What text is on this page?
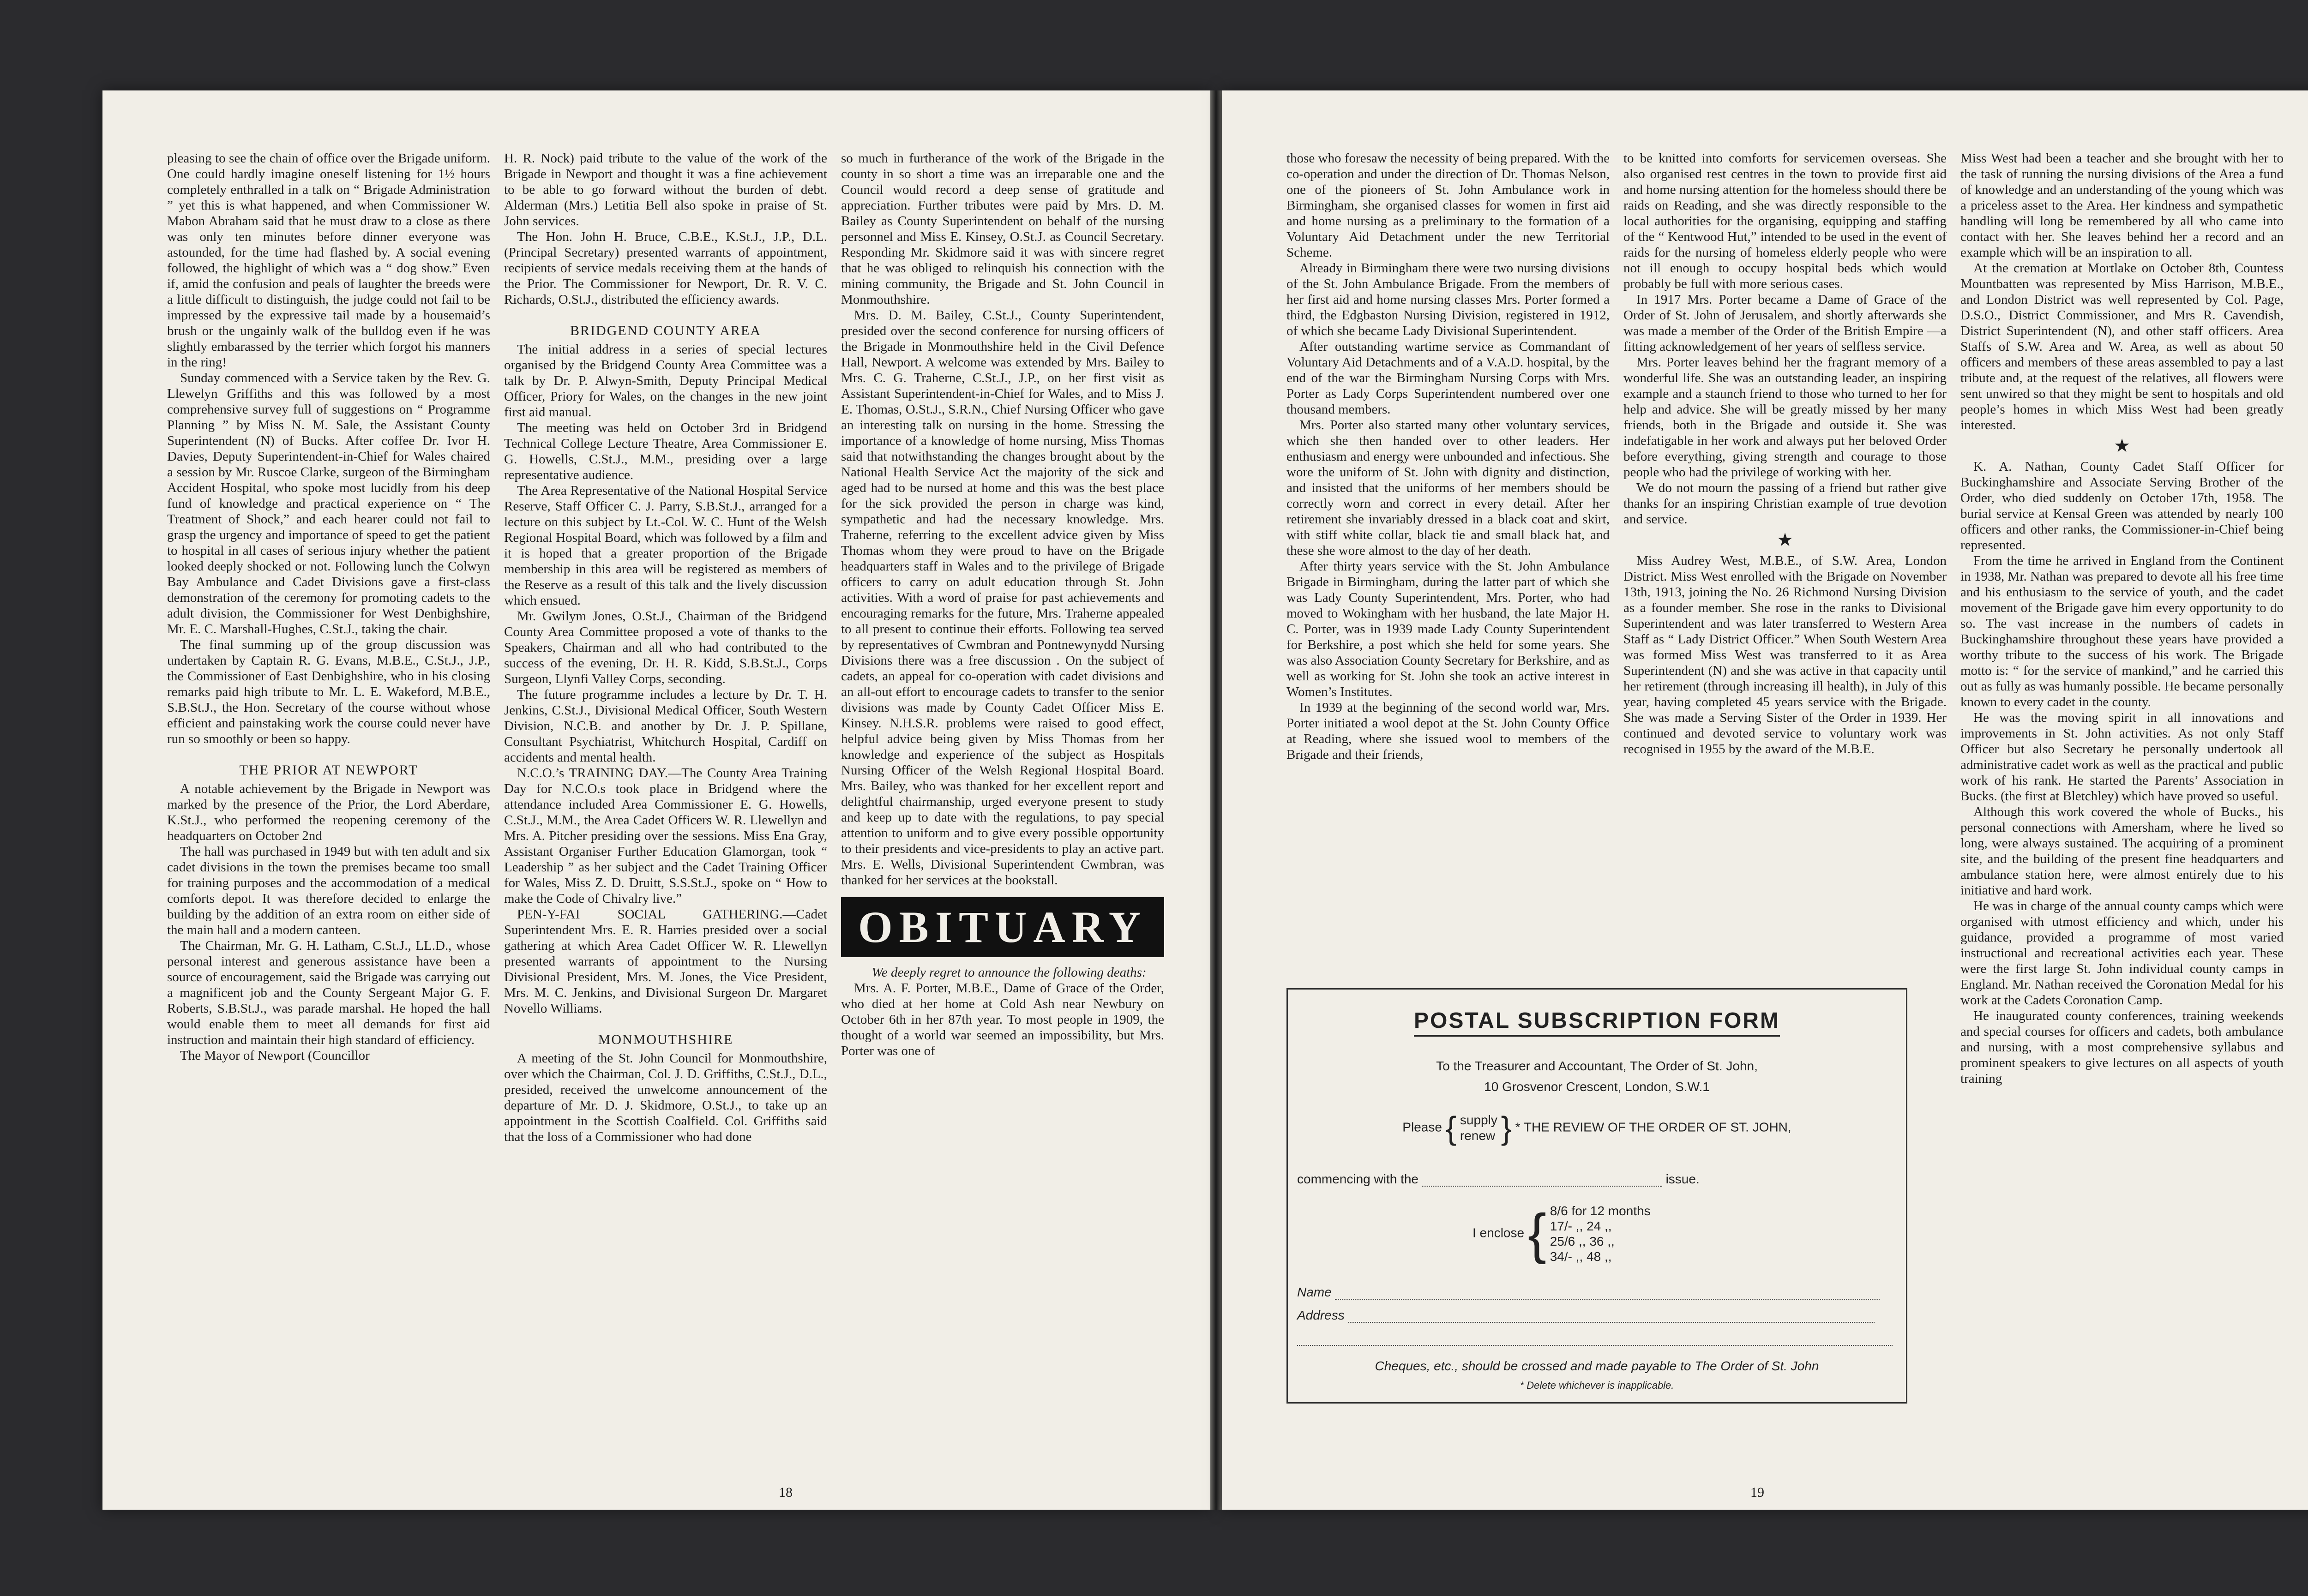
pleasing to see the chain of office over the Brigade uniform. One could hardly imagine oneself listening for 1½ hours completely enthralled in a talk on “ Brigade Administration ” yet this is what happened, and when Commissioner W. Mabon Abraham said that he must draw to a close as there was only ten minutes before dinner everyone was astounded, for the time had flashed by. A social evening followed, the highlight of which was a “ dog show.” Even if, amid the confusion and peals of laughter the breeds were a little difficult to distinguish, the judge could not fail to be impressed by the expressive tail made by a housemaid’s brush or the ungainly walk of the bulldog even if he was slightly embarassed by the terrier which forgot his manners in the ring!

Sunday commenced with a Service taken by the Rev. G. Llewelyn Griffiths and this was followed by a most comprehensive survey full of suggestions on “ Programme Planning ” by Miss N. M. Sale, the Assistant County Superintendent (N) of Bucks. After coffee Dr. Ivor H. Davies, Deputy Superintendent-in-Chief for Wales chaired a session by Mr. Ruscoe Clarke, surgeon of the Birmingham Accident Hospital, who spoke most lucidly from his deep fund of knowledge and practical experience on “ The Treatment of Shock,” and each hearer could not fail to grasp the urgency and importance of speed to get the patient to hospital in all cases of serious injury whether the patient looked deeply shocked or not. Following lunch the Colwyn Bay Ambulance and Cadet Divisions gave a first-class demonstration of the ceremony for promoting cadets to the adult division, the Commissioner for West Denbighshire, Mr. E. C. Marshall-Hughes, C.St.J., taking the chair.

The final summing up of the group discussion was undertaken by Captain R. G. Evans, M.B.E., C.St.J., J.P., the Commissioner of East Denbighshire, who in his closing remarks paid high tribute to Mr. L. E. Wakeford, M.B.E., S.B.St.J., the Hon. Secretary of the course without whose efficient and painstaking work the course could never have run so smoothly or been so happy.

THE PRIOR AT NEWPORT

A notable achievement by the Brigade in Newport was marked by the presence of the Prior, the Lord Aberdare, K.St.J., who performed the reopening ceremony of the headquarters on October 2nd

The hall was purchased in 1949 but with ten adult and six cadet divisions in the town the premises became too small for training purposes and the accommodation of a medical comforts depot. It was therefore decided to enlarge the building by the addition of an extra room on either side of the main hall and a modern canteen.

The Chairman, Mr. G. H. Latham, C.St.J., LL.D., whose personal interest and generous assistance have been a source of encouragement, said the Brigade was carrying out a magnificent job and the County Sergeant Major G. F. Roberts, S.B.St.J., was parade marshal. He hoped the hall would enable them to meet all demands for first aid instruction and maintain their high standard of efficiency.

The Mayor of Newport (Councillor

H. R. Nock) paid tribute to the value of the work of the Brigade in Newport and thought it was a fine achievement to be able to go forward without the burden of debt. Alderman (Mrs.) Letitia Bell also spoke in praise of St. John services.

The Hon. John H. Bruce, C.B.E., K.St.J., J.P., D.L. (Principal Secretary) presented warrants of appointment, recipients of service medals receiving them at the hands of the Prior. The Commissioner for Newport, Dr. R. V. C. Richards, O.St.J., distributed the efficiency awards.

BRIDGEND COUNTY AREA

The initial address in a series of special lectures organised by the Bridgend County Area Committee was a talk by Dr. P. Alwyn-Smith, Deputy Principal Medical Officer, Priory for Wales, on the changes in the new joint first aid manual.

The meeting was held on October 3rd in Bridgend Technical College Lecture Theatre, Area Commissioner E. G. Howells, C.St.J., M.M., presiding over a large representative audience.

The Area Representative of the National Hospital Service Reserve, Staff Officer C. J. Parry, S.B.St.J., arranged for a lecture on this subject by Lt.-Col. W. C. Hunt of the Welsh Regional Hospital Board, which was followed by a film and it is hoped that a greater proportion of the Brigade membership in this area will be registered as members of the Reserve as a result of this talk and the lively discussion which ensued.

Mr. Gwilym Jones, O.St.J., Chairman of the Bridgend County Area Committee proposed a vote of thanks to the Speakers, Chairman and all who had contributed to the success of the evening, Dr. H. R. Kidd, S.B.St.J., Corps Surgeon, Llynfi Valley Corps, seconding.

The future programme includes a lecture by Dr. T. H. Jenkins, C.St.J., Divisional Medical Officer, South Western Division, N.C.B. and another by Dr. J. P. Spillane, Consultant Psychiatrist, Whitchurch Hospital, Cardiff on accidents and mental health.

N.C.O.’s TRAINING DAY.—The County Area Training Day for N.C.O.s took place in Bridgend where the attendance included Area Commissioner E. G. Howells, C.St.J., M.M., the Area Cadet Officers W. R. Llewellyn and Mrs. A. Pitcher presiding over the sessions. Miss Ena Gray, Assistant Organiser Further Education Glamorgan, took “ Leadership ” as her subject and the Cadet Training Officer for Wales, Miss Z. D. Druitt, S.S.St.J., spoke on “ How to make the Code of Chivalry live.”

PEN-Y-FAI SOCIAL GATHERING.—Cadet Superintendent Mrs. E. R. Harries presided over a social gathering at which Area Cadet Officer W. R. Llewellyn presented warrants of appointment to the Nursing Divisional President, Mrs. M. Jones, the Vice President, Mrs. M. C. Jenkins, and Divisional Surgeon Dr. Margaret Novello Williams.

MONMOUTHSHIRE

A meeting of the St. John Council for Monmouthshire, over which the Chairman, Col. J. D. Griffiths, C.St.J., D.L., presided, received the unwelcome announcement of the departure of Mr. D. J. Skidmore, O.St.J., to take up an appointment in the Scottish Coalfield. Col. Griffiths said that the loss of a Commissioner who had done

so much in furtherance of the work of the Brigade in the county in so short a time was an irreparable one and the Council would record a deep sense of gratitude and appreciation. Further tributes were paid by Mrs. D. M. Bailey as County Superintendent on behalf of the nursing personnel and Miss E. Kinsey, O.St.J. as Council Secretary. Responding Mr. Skidmore said it was with sincere regret that he was obliged to relinquish his connection with the mining community, the Brigade and St. John Council in Monmouthshire.

Mrs. D. M. Bailey, C.St.J., County Superintendent, presided over the second conference for nursing officers of the Brigade in Monmouthshire held in the Civil Defence Hall, Newport. A welcome was extended by Mrs. Bailey to Mrs. C. G. Traherne, C.St.J., J.P., on her first visit as Assistant Superintendent-in-Chief for Wales, and to Miss J. E. Thomas, O.St.J., S.R.N., Chief Nursing Officer who gave an interesting talk on nursing in the home. Stressing the importance of a knowledge of home nursing, Miss Thomas said that notwithstanding the changes brought about by the National Health Service Act the majority of the sick and aged had to be nursed at home and this was the best place for the sick provided the person in charge was kind, sympathetic and had the necessary knowledge. Mrs. Traherne, referring to the excellent advice given by Miss Thomas whom they were proud to have on the Brigade headquarters staff in Wales and to the privilege of Brigade officers to carry on adult education through St. John activities. With a word of praise for past achievements and encouraging remarks for the future, Mrs. Traherne appealed to all present to continue their efforts. Following tea served by representatives of Cwmbran and Pontnewynydd Nursing Divisions there was a free discussion . On the subject of cadets, an appeal for co-operation with cadet divisions and an all-out effort to encourage cadets to transfer to the senior divisions was made by County Cadet Officer Miss E. Kinsey. N.H.S.R. problems were raised to good effect, helpful advice being given by Miss Thomas from her knowledge and experience of the subject as Hospitals Nursing Officer of the Welsh Regional Hospital Board. Mrs. Bailey, who was thanked for her excellent report and delightful chairmanship, urged everyone present to study and keep up to date with the regulations, to pay special attention to uniform and to give every possible opportunity to their presidents and vice-presidents to play an active part. Mrs. E. Wells, Divisional Superintendent Cwmbran, was thanked for her services at the bookstall.

OBITUARY

We deeply regret to announce the following deaths:

Mrs. A. F. Porter, M.B.E., Dame of Grace of the Order, who died at her home at Cold Ash near Newbury on October 6th in her 87th year. To most people in 1909, the thought of a world war seemed an impossibility, but Mrs. Porter was one of

18

those who foresaw the necessity of being prepared. With the co-operation and under the direction of Dr. Thomas Nelson, one of the pioneers of St. John Ambulance work in Birmingham, she organised classes for women in first aid and home nursing as a preliminary to the formation of a Voluntary Aid Detachment under the new Territorial Scheme.

Already in Birmingham there were two nursing divisions of the St. John Ambulance Brigade. From the members of her first aid and home nursing classes Mrs. Porter formed a third, the Edgbaston Nursing Division, registered in 1912, of which she became Lady Divisional Superintendent.

After outstanding wartime service as Commandant of Voluntary Aid Detachments and of a V.A.D. hospital, by the end of the war the Birmingham Nursing Corps with Mrs. Porter as Lady Corps Superintendent numbered over one thousand members.

Mrs. Porter also started many other voluntary services, which she then handed over to other leaders. Her enthusiasm and energy were unbounded and infectious. She wore the uniform of St. John with dignity and distinction, and insisted that the uniforms of her members should be correctly worn and correct in every detail. After her retirement she invariably dressed in a black coat and skirt, with stiff white collar, black tie and small black hat, and these she wore almost to the day of her death.

After thirty years service with the St. John Ambulance Brigade in Birmingham, during the latter part of which she was Lady County Superintendent, Mrs. Porter, who had moved to Wokingham with her husband, the late Major H. C. Porter, was in 1939 made Lady County Superintendent for Berkshire, a post which she held for some years. She was also Association County Secretary for Berkshire, and as well as working for St. John she took an active interest in Women’s Institutes.

In 1939 at the beginning of the second world war, Mrs. Porter initiated a wool depot at the St. John County Office at Reading, where she issued wool to members of the Brigade and their friends,

to be knitted into comforts for servicemen overseas. She also organised rest centres in the town to provide first aid and home nursing attention for the homeless should there be raids on Reading, and she was directly responsible to the local authorities for the organising, equipping and staffing of the “ Kentwood Hut,” intended to be used in the event of raids for the nursing of homeless elderly people who were not ill enough to occupy hospital beds which would probably be full with more serious cases.

In 1917 Mrs. Porter became a Dame of Grace of the Order of St. John of Jerusalem, and shortly afterwards she was made a member of the Order of the British Empire —a fitting acknowledgement of her years of selfless service.

Mrs. Porter leaves behind her the fragrant memory of a wonderful life. She was an outstanding leader, an inspiring example and a staunch friend to those who turned to her for help and advice. She will be greatly missed by her many friends, both in the Brigade and outside it. She was indefatigable in her work and always put her beloved Order before everything, giving strength and courage to those people who had the privilege of working with her.

We do not mourn the passing of a friend but rather give thanks for an inspiring Christian example of true devotion and service.

★

Miss Audrey West, M.B.E., of S.W. Area, London District. Miss West enrolled with the Brigade on November 13th, 1913, joining the No. 26 Richmond Nursing Division as a founder member. She rose in the ranks to Divisional Superintendent and was later transferred to Western Area Staff as “ Lady District Officer.” When South Western Area was formed Miss West was transferred to it as Area Superintendent (N) and she was active in that capacity until her retirement (through increasing ill health), in July of this year, having completed 45 years service with the Brigade. She was made a Serving Sister of the Order in 1939. Her continued and devoted service to voluntary work was recognised in 1955 by the award of the M.B.E.

Miss West had been a teacher and she brought with her to the task of running the nursing divisions of the Area a fund of knowledge and an understanding of the young which was a priceless asset to the Area. Her kindness and sympathetic handling will long be remembered by all who came into contact with her. She leaves behind her a record and an example which will be an inspiration to all.

At the cremation at Mortlake on October 8th, Countess Mountbatten was represented by Miss Harrison, M.B.E., and London District was well represented by Col. Page, D.S.O., District Commissioner, and Mrs R. Cavendish, District Superintendent (N), and other staff officers. Area Staffs of S.W. Area and W. Area, as well as about 50 officers and members of these areas assembled to pay a last tribute and, at the request of the relatives, all flowers were sent unwired so that they might be sent to hospitals and old people’s homes in which Miss West had been greatly interested.

★

K. A. Nathan, County Cadet Staff Officer for Buckinghamshire and Associate Serving Brother of the Order, who died suddenly on October 17th, 1958. The burial service at Kensal Green was attended by nearly 100 officers and other ranks, the Commissioner-in-Chief being represented.

From the time he arrived in England from the Continent in 1938, Mr. Nathan was prepared to devote all his free time and his enthusiasm to the service of youth, and the cadet movement of the Brigade gave him every opportunity to do so. The vast increase in the numbers of cadets in Buckinghamshire throughout these years have provided a worthy tribute to the success of his work. The Brigade motto is: “ for the service of mankind,” and he carried this out as fully as was humanly possible. He became personally known to every cadet in the county.

He was the moving spirit in all innovations and improvements in St. John activities. As not only Staff Officer but also Secretary he personally undertook all administrative cadet work as well as the practical and public work of his rank. He started the Parents’ Association in Bucks. (the first at Bletchley) which have proved so useful.

Although this work covered the whole of Bucks., his personal connections with Amersham, where he lived so long, were always sustained. The acquiring of a prominent site, and the building of the present fine headquarters and ambulance station here, were almost entirely due to his initiative and hard work.

He was in charge of the annual county camps which were organised with utmost efficiency and which, under his guidance, provided a programme of most varied instructional and recreational activities each year. These were the first large St. John individual county camps in England. Mr. Nathan received the Coronation Medal for his work at the Cadets Coronation Camp.

He inaugurated county conferences, training weekends and special courses for officers and cadets, both ambulance and nursing, with a most comprehensive syllabus and prominent speakers to give lectures on all aspects of youth training

POSTAL SUBSCRIPTION FORM
To the Treasurer and Accountant, The Order of St. John,
10 Grosvenor Crescent, London, S.W.1
Please { supply
renew } * THE REVIEW OF THE ORDER OF ST. JOHN,
commencing with the	issue.
I enclose { 8/6 for 12 months
17/- ,, 24 ,,
25/6 ,, 36 ,,
34/- ,, 48 ,,
Name
Address
Cheques, etc., should be crossed and made payable to The Order of St. John
* Delete whichever is inapplicable.
19
